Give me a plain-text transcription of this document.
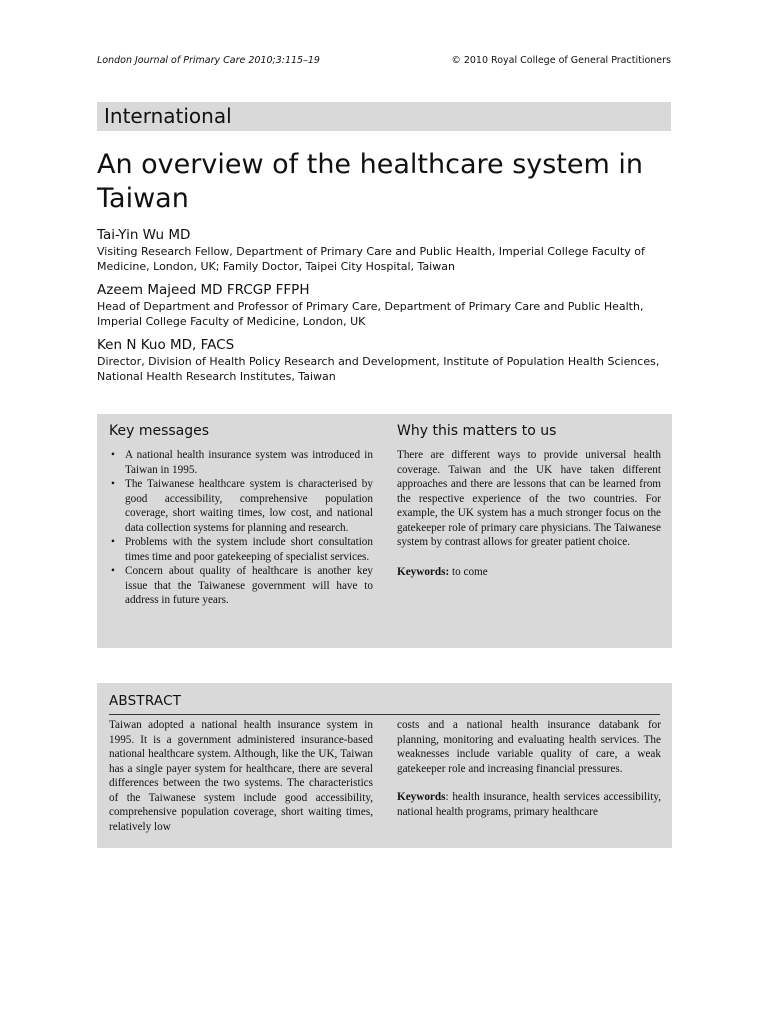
London Journal of Primary Care 2010;3:115–19	© 2010 Royal College of General Practitioners
International
An overview of the healthcare system in Taiwan
Tai-Yin Wu MD
Visiting Research Fellow, Department of Primary Care and Public Health, Imperial College Faculty of Medicine, London, UK; Family Doctor, Taipei City Hospital, Taiwan
Azeem Majeed MD FRCGP FFPH
Head of Department and Professor of Primary Care, Department of Primary Care and Public Health, Imperial College Faculty of Medicine, London, UK
Ken N Kuo MD, FACS
Director, Division of Health Policy Research and Development, Institute of Population Health Sciences, National Health Research Institutes, Taiwan
Key messages
• A national health insurance system was introduced in Taiwan in 1995.
• The Taiwanese healthcare system is characterised by good accessibility, comprehensive population coverage, short waiting times, low cost, and national data collection systems for planning and research.
• Problems with the system include short consultation times time and poor gatekeeping of specialist services.
• Concern about quality of healthcare is another key issue that the Taiwanese government will have to address in future years.
Why this matters to us
There are different ways to provide universal health coverage. Taiwan and the UK have taken different approaches and there are lessons that can be learned from the respective experience of the two countries. For example, the UK system has a much stronger focus on the gatekeeper role of primary care physicians. The Taiwanese system by contrast allows for greater patient choice.
Keywords: to come
ABSTRACT
Taiwan adopted a national health insurance system in 1995. It is a government administered insurance-based national healthcare system. Although, like the UK, Taiwan has a single payer system for healthcare, there are several differences between the two systems. The characteristics of the Taiwanese system include good accessibility, comprehensive population coverage, short waiting times, relatively low
costs and a national health insurance databank for planning, monitoring and evaluating health services. The weaknesses include variable quality of care, a weak gatekeeper role and increasing financial pressures.
Keywords: health insurance, health services accessibility, national health programs, primary healthcare
